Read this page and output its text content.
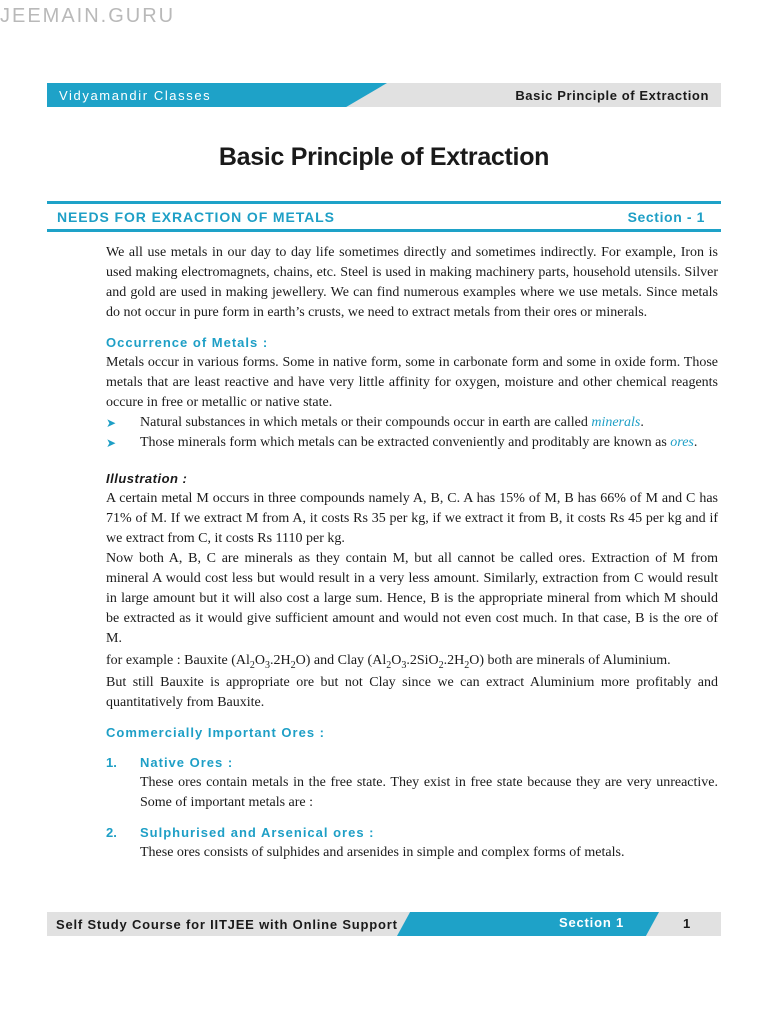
JEEMAIN.GURU
Vidyamandir Classes	Basic Principle of Extraction
Basic Principle of Extraction
NEEDS FOR EXRACTION OF METALS	Section - 1

We all use metals in our day to day life sometimes directly and sometimes indirectly. For example, Iron is used making electromagnets, chains, etc. Steel is used in making machinery parts, household utensils. Silver and gold are used in making jewellery. We can find numerous examples where we use metals. Since metals do not occur in pure form in earth’s crusts, we need to extract metals from their ores or minerals.

Occurrence of Metals :

Metals occur in various forms. Some in native form, some in carbonate form and some in oxide form. Those metals that are least reactive and have very little affinity for oxygen, moisture and other chemical reagents occure in free or metallic or native state.

➤ Natural substances in which metals or their compounds occur in earth are called minerals.
➤ Those minerals form which metals can be extracted conveniently and proditably are known as ores.
Illustration :

A certain metal M occurs in three compounds namely A, B, C. A has 15% of M, B has 66% of M and C has 71% of M. If we extract M from A, it costs Rs 35 per kg, if we extract it from B, it costs Rs 45 per kg and if we extract from C, it costs Rs 1110 per kg.

Now both A, B, C are minerals as they contain M, but all cannot be called ores. Extraction of M from mineral A would cost less but would result in a very less amount. Similarly, extraction from C would result in large amount but it will also cost a large sum. Hence, B is the appropriate mineral from which M should be extracted as it would give sufficient amount and would not even cost much. In that case, B is the ore of M.

for example : Bauxite $(Al_2O_3.2H_2O)$ and Clay $(Al_2O_3.2SiO_2.2H_2O)$ both are minerals of Aluminium.

But still Bauxite is appropriate ore but not Clay since we can extract Aluminium more profitably and quantitatively from Bauxite.

Commercially Important Ores :
1. Native Ores :

These ores contain metals in the free state. They exist in free state because they are very unreactive. Some of important metals are :

2. Sulphurised and Arsenical ores :

These ores consists of sulphides and arsenides in simple and complex forms of metals.

Self Study Course for IITJEE with Online Support	Section 1	1
